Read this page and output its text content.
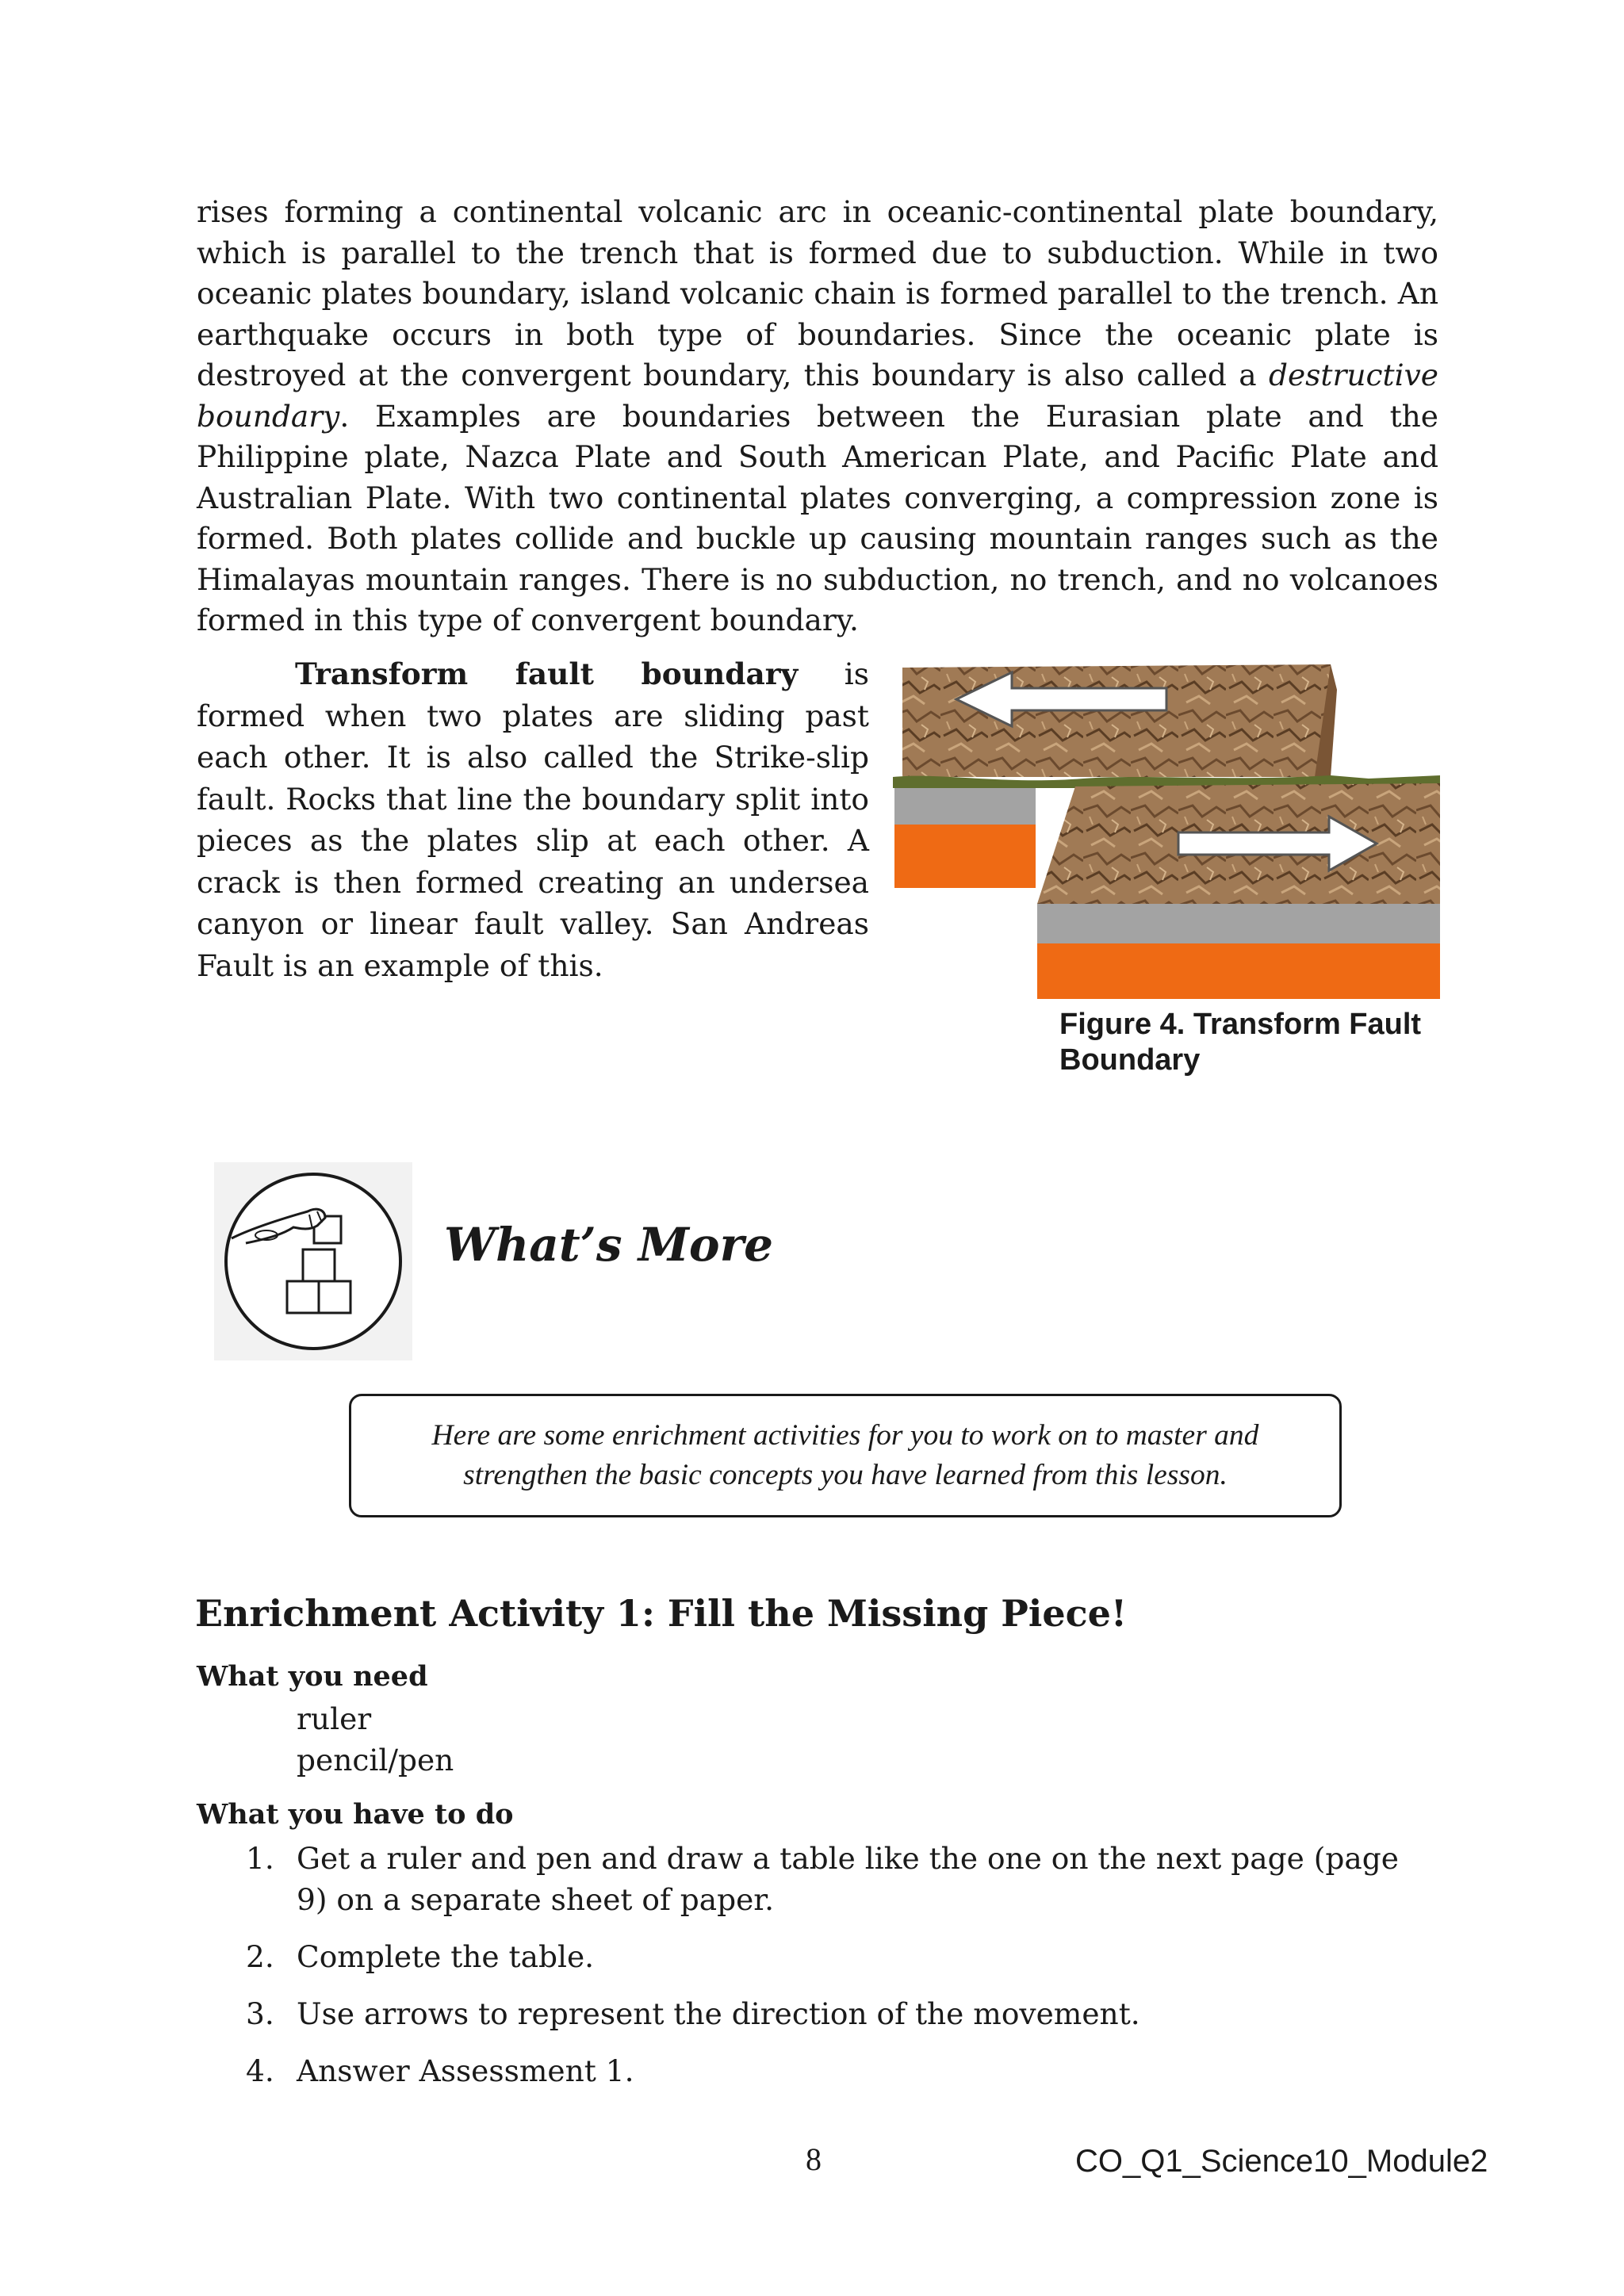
rises forming a continental volcanic arc in oceanic-continental plate boundary, which is parallel to the trench that is formed due to subduction. While in two oceanic plates boundary, island volcanic chain is formed parallel to the trench. An earthquake occurs in both type of boundaries. Since the oceanic plate is destroyed at the convergent boundary, this boundary is also called a destructive boundary. Examples are boundaries between the Eurasian plate and the Philippine plate, Nazca Plate and South American Plate, and Pacific Plate and Australian Plate. With two continental plates converging, a compression zone is formed. Both plates collide and buckle up causing mountain ranges such as the Himalayas mountain ranges. There is no subduction, no trench, and no volcanoes formed in this type of convergent boundary.
Transform fault boundary is formed when two plates are sliding past each other. It is also called the Strike-slip fault. Rocks that line the boundary split into pieces as the plates slip at each other. A crack is then formed creating an undersea canyon or linear fault valley. San Andreas Fault is an example of this.
Figure 4. Transform Fault Boundary
What’s More

Here are some enrichment activities for you to work on to master and strengthen the basic concepts you have learned from this lesson.

Enrichment Activity 1: Fill the Missing Piece!
What you need
ruler
pencil/pen
What you have to do
1. Get a ruler and pen and draw a table like the one on the next page (page 9) on a separate sheet of paper.
2. Complete the table.
3. Use arrows to represent the direction of the movement.
4. Answer Assessment 1.
8	CO_Q1_Science10_Module2
